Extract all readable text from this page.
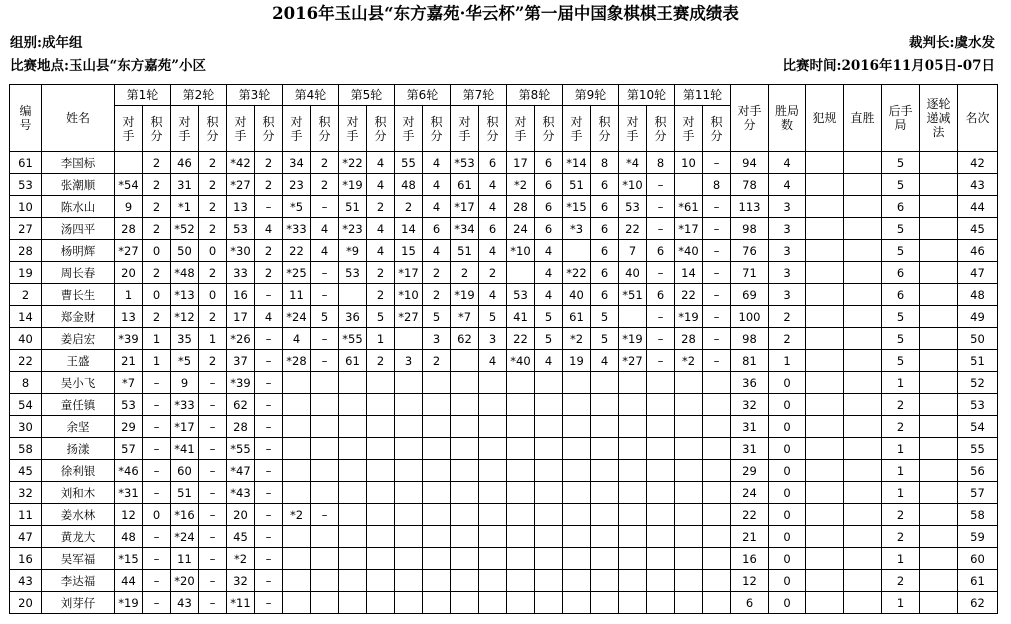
2016年玉山县“东方嘉苑·华云杯”第一届中国象棋棋王赛成绩表
组别:成年组	裁判长:虞水发
比赛地点:玉山县“东方嘉苑”小区	比赛时间:2016年11月05日-07日
编号	姓名	第1轮		第2轮		第3轮		第4轮		第5轮		第6轮		第7轮		第8轮		第9轮		第10轮		第11轮		对手分	胜局数	犯规	直胜	后手局	逐轮递减法	名次
		对手	积分	对手	积分	对手	积分	对手	积分	对手	积分	对手	积分	对手	积分	对手	积分	对手	积分	对手	积分	对手	积分							
61	李国标		2	46	2	*42	2	34	2	*22	4	55	4	*53	6	17	6	*14	8	*4	8	10	–	94	4			5		42
53	张潮顺	*54	2	31	2	*27	2	23	2	*19	4	48	4	61	4	*2	6	51	6	*10	–		8	78	4			5		43
10	陈水山	9	2	*1	2	13	–	*5	–	51	2	2	4	*17	4	28	6	*15	6	53	–	*61	–	113	3			6		44
27	汤四平	28	2	*52	2	53	4	*33	4	*23	4	14	6	*34	6	24	6	*3	6	22	–	*17	–	98	3			5		45
28	杨明辉	*27	0	50	0	*30	2	22	4	*9	4	15	4	51	4	*10	4		6	7	6	*40	–	76	3			5		46
19	周长春	20	2	*48	2	33	2	*25	–	53	2	*17	2	2	2		4	*22	6	40	–	14	–	71	3			6		47
2	曹长生	1	0	*13	0	16	–	11	–		2	*10	2	*19	4	53	4	40	6	*51	6	22	–	69	3			6		48
14	郑金财	13	2	*12	2	17	4	*24	5	36	5	*27	5	*7	5	41	5	61	5		–	*19	–	100	2			5		49
40	姜启宏	*39	1	35	1	*26	–	4	–	*55	1		3	62	3	22	5	*2	5	*19	–	28	–	98	2			5		50
22	王盛	21	1	*5	2	37	–	*28	–	61	2	3	2		4	*40	4	19	4	*27	–	*2	–	81	1			5		51
8	吴小飞	*7	–	9	–	*39	–																	36	0			1		52
54	童任镇	53	–	*33	–	62	–																	32	0			2		53
30	余坚	29	–	*17	–	28	–																	31	0			2		54
58	扬漾	57	–	*41	–	*55	–																	31	0			1		55
45	徐利银	*46	–	60	–	*47	–																	29	0			1		56
32	刘和木	*31	–	51	–	*43	–																	24	0			1		57
11	姜水林	12	0	*16	–	20	–	*2	–															22	0			2		58
47	黄龙大	48	–	*24	–	45	–																	21	0			2		59
16	吴军福	*15	–	11	–	*2	–																	16	0			1		60
43	李达福	44	–	*20	–	32	–																	12	0			2		61
20	刘芽仔	*19	–	43	–	*11	–																	6	0			1		62
